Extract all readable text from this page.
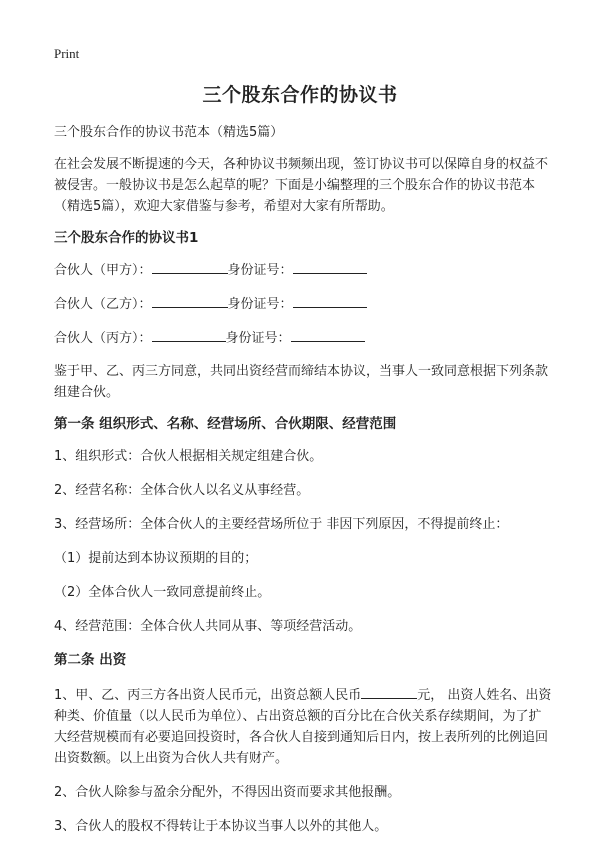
Print
三个股东合作的协议书

三个股东合作的协议书范本（精选5篇）

在社会发展不断提速的今天，各种协议书频频出现，签订协议书可以保障自身的权益不被侵害。一般协议书是怎么起草的呢？下面是小编整理的三个股东合作的协议书范本（精选5篇），欢迎大家借鉴与参考，希望对大家有所帮助。

三个股东合作的协议书1

合伙人（甲方）：	身份证号：

合伙人（乙方）：	身份证号：

合伙人（丙方）：	身份证号：

鉴于甲、乙、丙三方同意，共同出资经营而缔结本协议，当事人一致同意根据下列条款组建合伙。

第一条 组织形式、名称、经营场所、合伙期限、经营范围

1、组织形式：合伙人根据相关规定组建合伙。

2、经营名称：全体合伙人以名义从事经营。

3、经营场所：全体合伙人的主要经营场所位于 非因下列原因，不得提前终止：

（1）提前达到本协议预期的目的；

（2）全体合伙人一致同意提前终止。

4、经营范围：全体合伙人共同从事、等项经营活动。

第二条 出资

1、甲、乙、丙三方各出资人民币元，出资总额人民币	元， 出资人姓名、出资种类、价值量（以人民币为单位）、占出资总额的百分比在合伙关系存续期间，为了扩大经营规模而有必要追回投资时，各合伙人自接到通知后日内，按上表所列的比例追回出资数额。以上出资为合伙人共有财产。

2、合伙人除参与盈余分配外，不得因出资而要求其他报酬。

3、合伙人的股权不得转让于本协议当事人以外的其他人。
